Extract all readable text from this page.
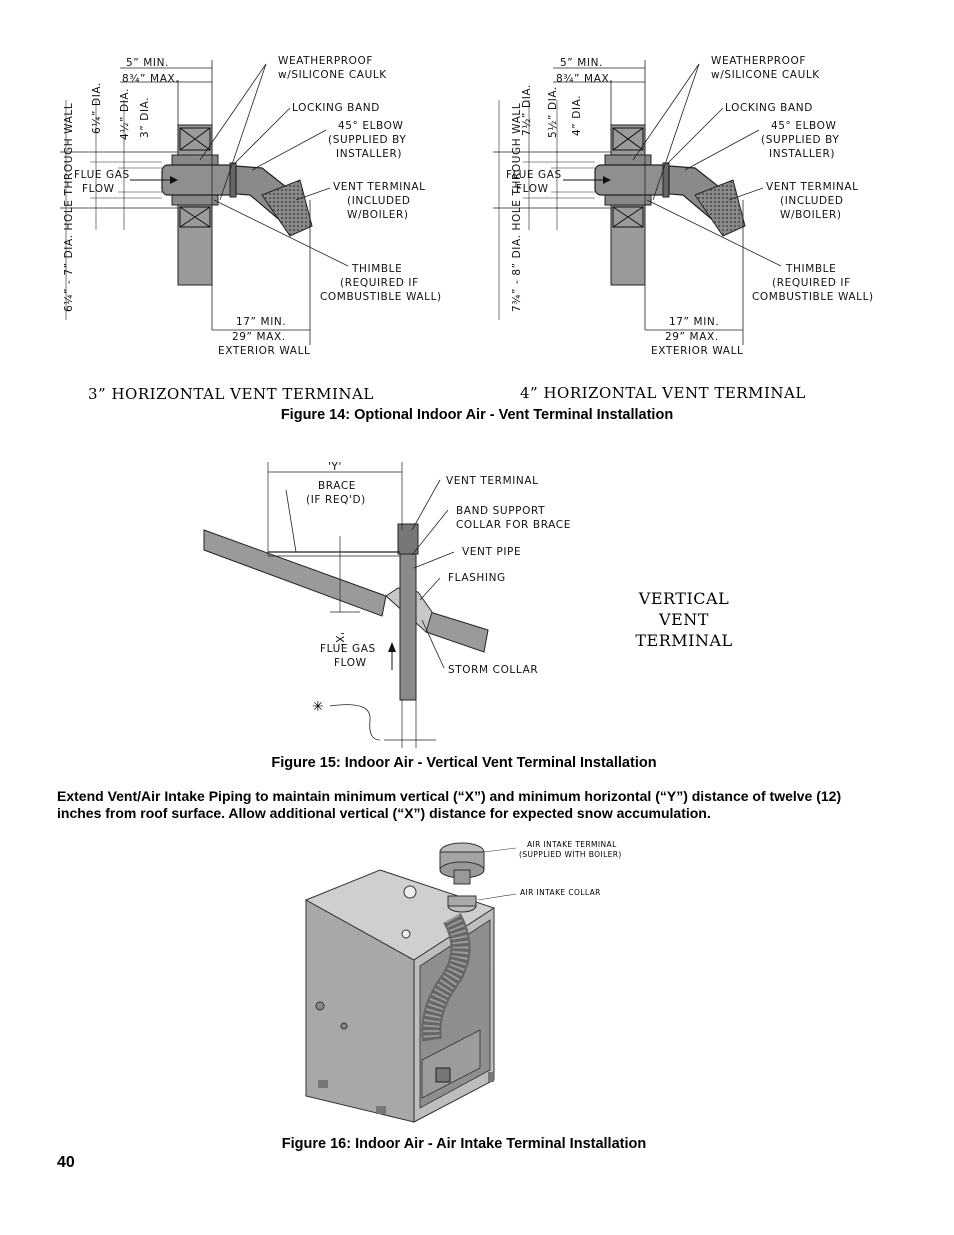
5” MIN.
8¾” MAX.
WEATHERPROOF
w/SILICONE CAULK
LOCKING BAND
45° ELBOW
(SUPPLIED BY
INSTALLER)
VENT TERMINAL
(INCLUDED
W/BOILER)
THIMBLE
(REQUIRED IF
COMBUSTIBLE WALL)
17” MIN.
29” MAX.
EXTERIOR WALL
FLUE GAS
FLOW
6¼” DIA. 4½” DIA. 3” DIA.
6¼” - 7” DIA. HOLE THROUGH WALL
5” MIN.
8¾” MAX.
WEATHERPROOF
w/SILICONE CAULK
LOCKING BAND
45° ELBOW
(SUPPLIED BY
INSTALLER)
VENT TERMINAL
(INCLUDED
W/BOILER)
THIMBLE
(REQUIRED IF
COMBUSTIBLE WALL)
17” MIN.
29” MAX.
EXTERIOR WALL
FLUE GAS
FLOW
7½” DIA. 5½” DIA. 4” DIA.
7¾” - 8” DIA. HOLE THROUGH WALL
3” HORIZONTAL VENT TERMINAL	4” HORIZONTAL VENT TERMINAL
Figure 14: Optional Indoor Air - Vent Terminal Installation
'Y'
BRACE
(IF REQ'D)
VENT TERMINAL
BAND SUPPORT
COLLAR FOR BRACE
VENT PIPE
FLASHING
'X'
FLUE GAS
FLOW
STORM COLLAR
✳
VERTICAL
VENT
TERMINAL
Figure 15: Indoor Air - Vertical Vent Terminal Installation
Extend Vent/Air Intake Piping to maintain minimum vertical (“X”) and minimum horizontal (“Y”) distance of twelve (12) inches from roof surface. Allow additional vertical (“X”) distance for expected snow accumulation.
AIR INTAKE TERMINAL
(SUPPLIED WITH BOILER)
AIR INTAKE COLLAR
Figure 16: Indoor Air - Air Intake Terminal Installation
40
